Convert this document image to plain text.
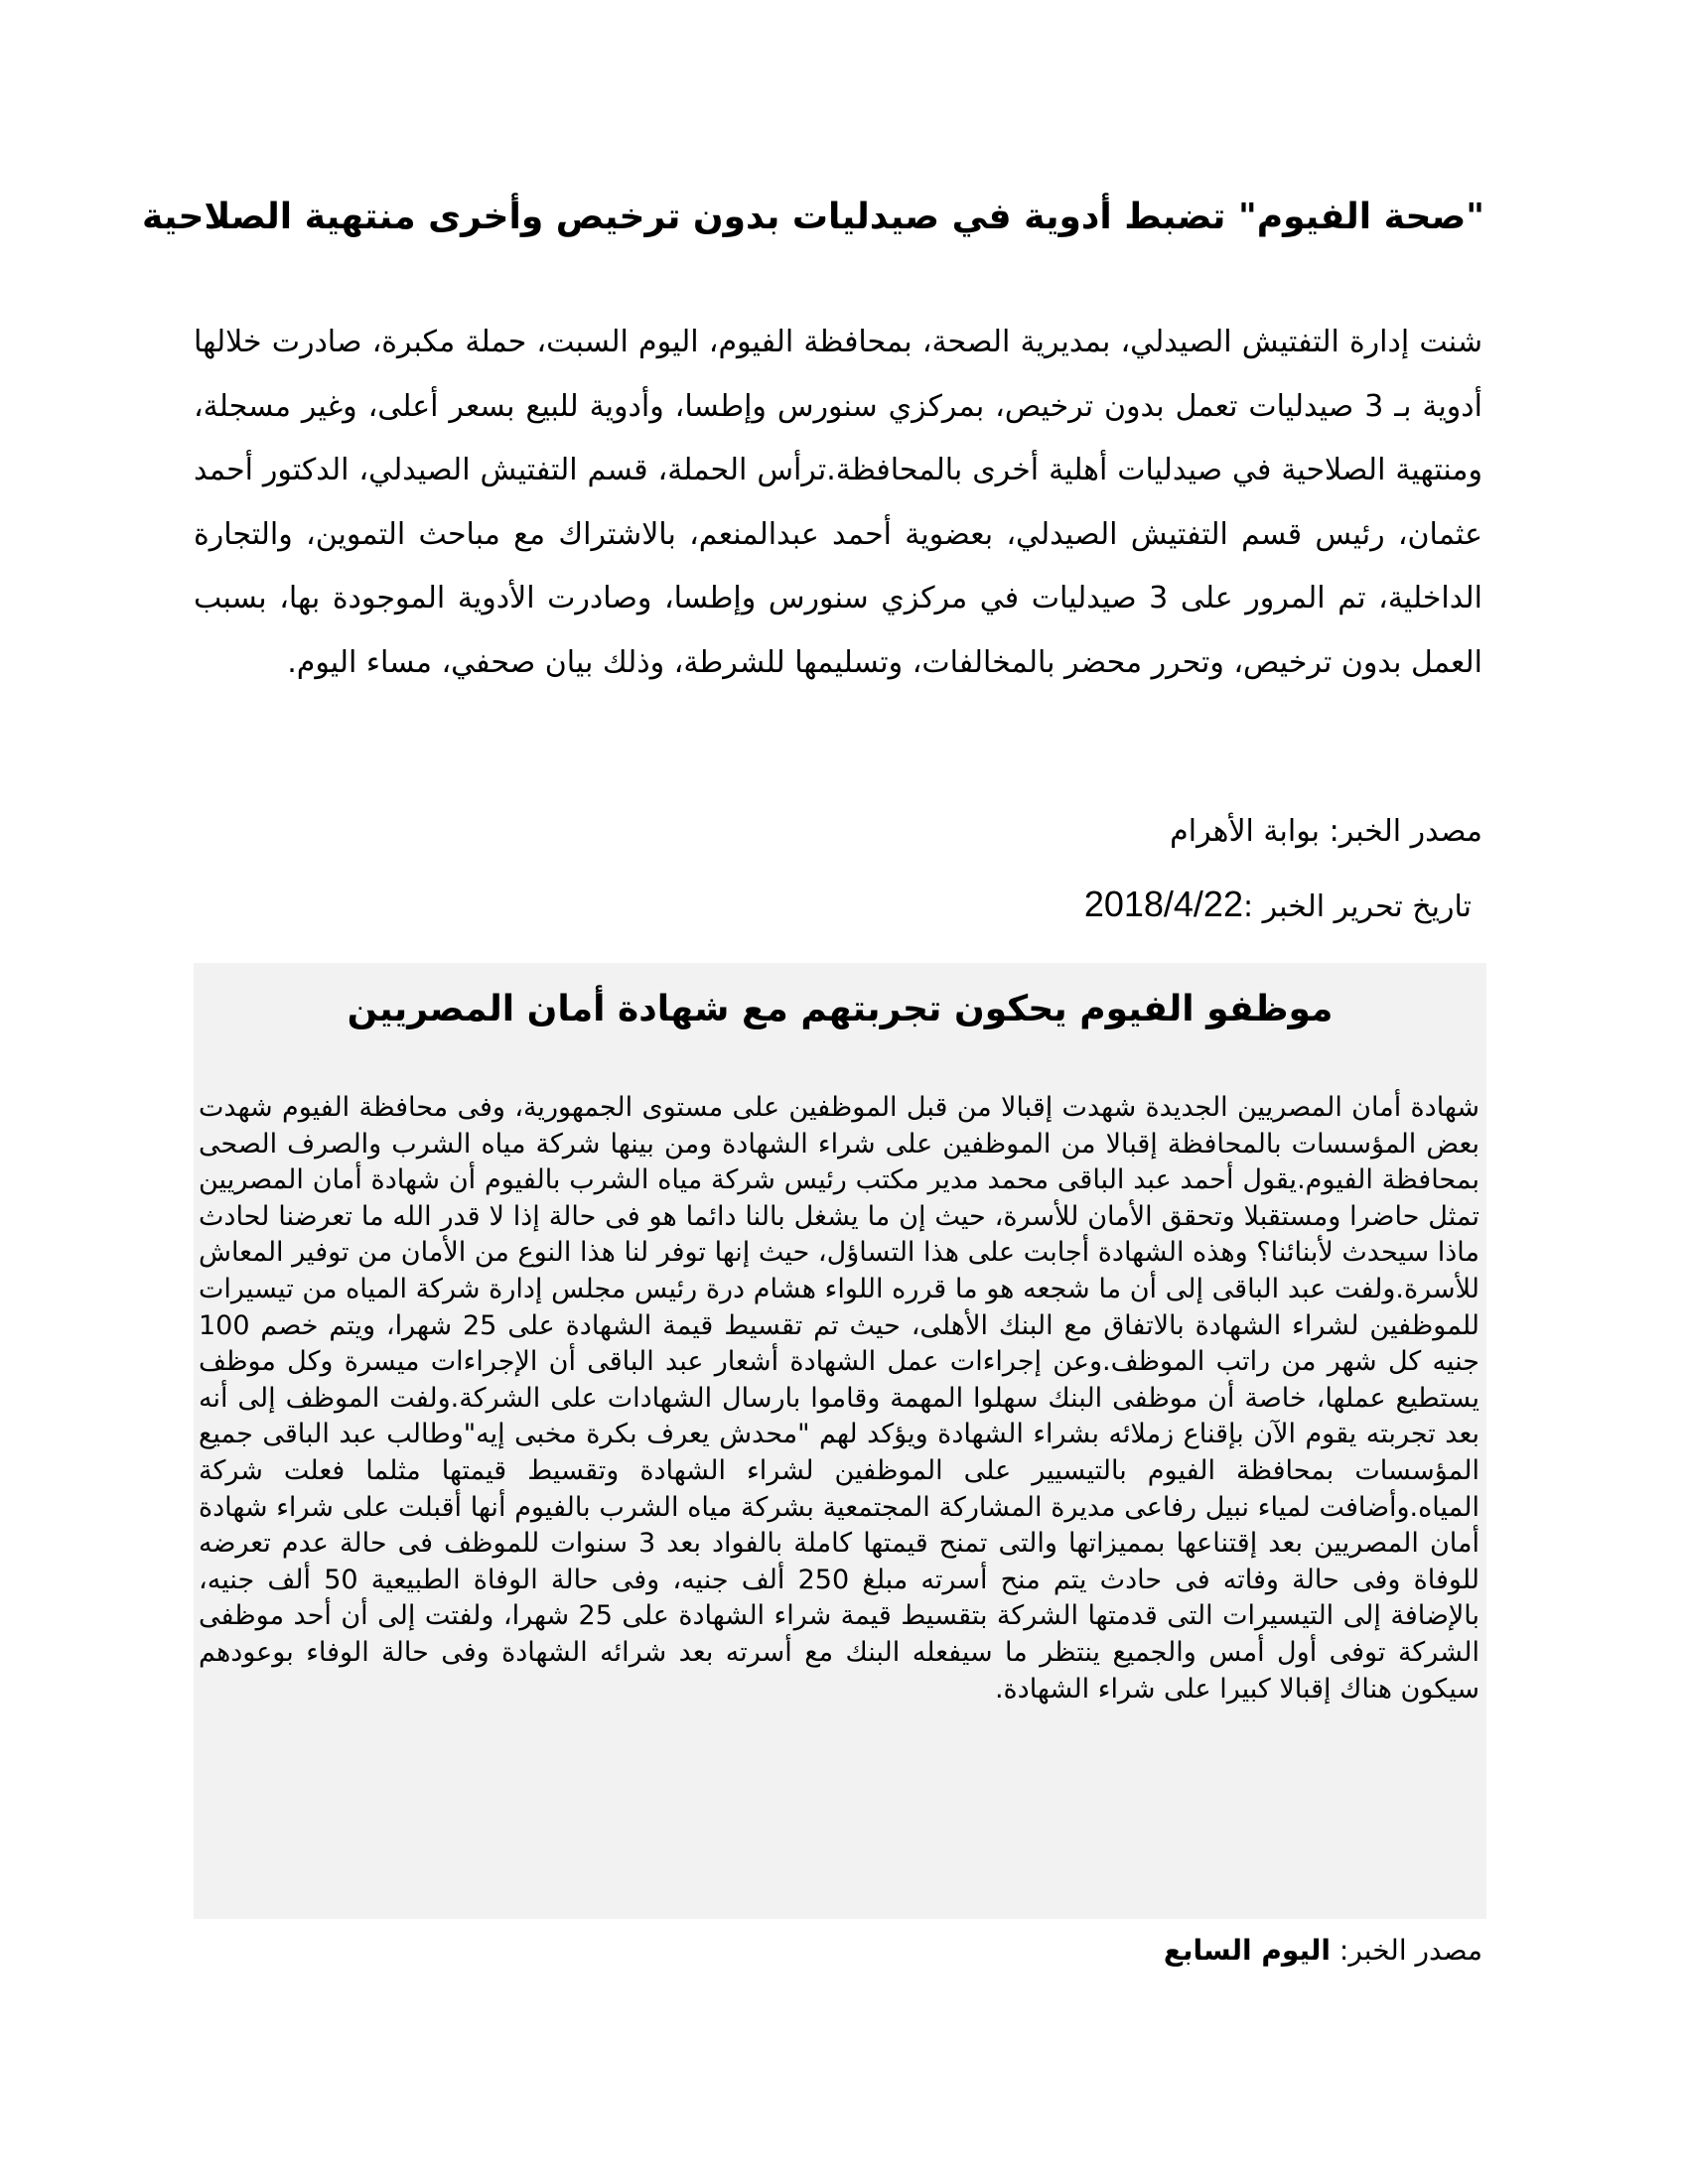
"صحة الفيوم" تضبط أدوية في صيدليات بدون ترخيص وأخرى منتهية الصلاحية

شنت إدارة التفتيش الصيدلي، بمديرية الصحة، بمحافظة الفيوم، اليوم السبت، حملة مكبرة، صادرت خلالها أدوية بـ 3 صيدليات تعمل بدون ترخيص، بمركزي سنورس وإطسا، وأدوية للبيع بسعر أعلى، وغير مسجلة، ومنتهية الصلاحية في صيدليات أهلية أخرى بالمحافظة.ترأس الحملة، قسم التفتيش الصيدلي، الدكتور أحمد عثمان، رئيس قسم التفتيش الصيدلي، بعضوية أحمد عبدالمنعم، بالاشتراك مع مباحث التموين، والتجارة الداخلية، تم المرور على 3 صيدليات في مركزي سنورس وإطسا، وصادرت الأدوية الموجودة بها، بسبب العمل بدون ترخيص، وتحرر محضر بالمخالفات، وتسليمها للشرطة، وذلك بيان صحفي، مساء اليوم.

مصدر الخبر: بوابة الأهرام
تاريخ تحرير الخبر :2018/4/22
موظفو الفيوم يحكون تجربتهم مع شهادة أمان المصريين

شهادة أمان المصريين الجديدة شهدت إقبالا من قبل الموظفين على مستوى الجمهورية، وفى محافظة الفيوم شهدت بعض المؤسسات بالمحافظة إقبالا من الموظفين على شراء الشهادة ومن بينها شركة مياه الشرب والصرف الصحى بمحافظة الفيوم.يقول أحمد عبد الباقى محمد مدير مكتب رئيس شركة مياه الشرب بالفيوم أن شهادة أمان المصريين تمثل حاضرا ومستقبلا وتحقق الأمان للأسرة، حيث إن ما يشغل بالنا دائما هو فى حالة إذا لا قدر الله ما تعرضنا لحادث ماذا سيحدث لأبنائنا؟ وهذه الشهادة أجابت على هذا التساؤل، حيث إنها توفر لنا هذا النوع من الأمان من توفير المعاش للأسرة.ولفت عبد الباقى إلى أن ما شجعه هو ما قرره اللواء هشام درة رئيس مجلس إدارة شركة المياه من تيسيرات للموظفين لشراء الشهادة بالاتفاق مع البنك الأهلى، حيث تم تقسيط قيمة الشهادة على 25 شهرا، ويتم خصم 100 جنيه كل شهر من راتب الموظف.وعن إجراءات عمل الشهادة أشعار عبد الباقى أن الإجراءات ميسرة وكل موظف يستطيع عملها، خاصة أن موظفى البنك سهلوا المهمة وقاموا بارسال الشهادات على الشركة.ولفت الموظف إلى أنه بعد تجربته يقوم الآن بإقناع زملائه بشراء الشهادة ويؤكد لهم "محدش يعرف بكرة مخبى إيه"وطالب عبد الباقى جميع المؤسسات بمحافظة الفيوم بالتيسيير على الموظفين لشراء الشهادة وتقسيط قيمتها مثلما فعلت شركة المياه.وأضافت لمياء نبيل رفاعى مديرة المشاركة المجتمعية بشركة مياه الشرب بالفيوم أنها أقبلت على شراء شهادة أمان المصريين بعد إقتناعها بمميزاتها والتى تمنح قيمتها كاملة بالفواد بعد 3 سنوات للموظف فى حالة عدم تعرضه للوفاة وفى حالة وفاته فى حادث يتم منح أسرته مبلغ 250 ألف جنيه، وفى حالة الوفاة الطبيعية 50 ألف جنيه، بالإضافة إلى التيسيرات التى قدمتها الشركة بتقسيط قيمة شراء الشهادة على 25 شهرا، ولفتت إلى أن أحد موظفى الشركة توفى أول أمس والجميع ينتظر ما سيفعله البنك مع أسرته بعد شرائه الشهادة وفى حالة الوفاء بوعودهم سيكون هناك إقبالا كبيرا على شراء الشهادة.

مصدر الخبر: اليوم السابع
